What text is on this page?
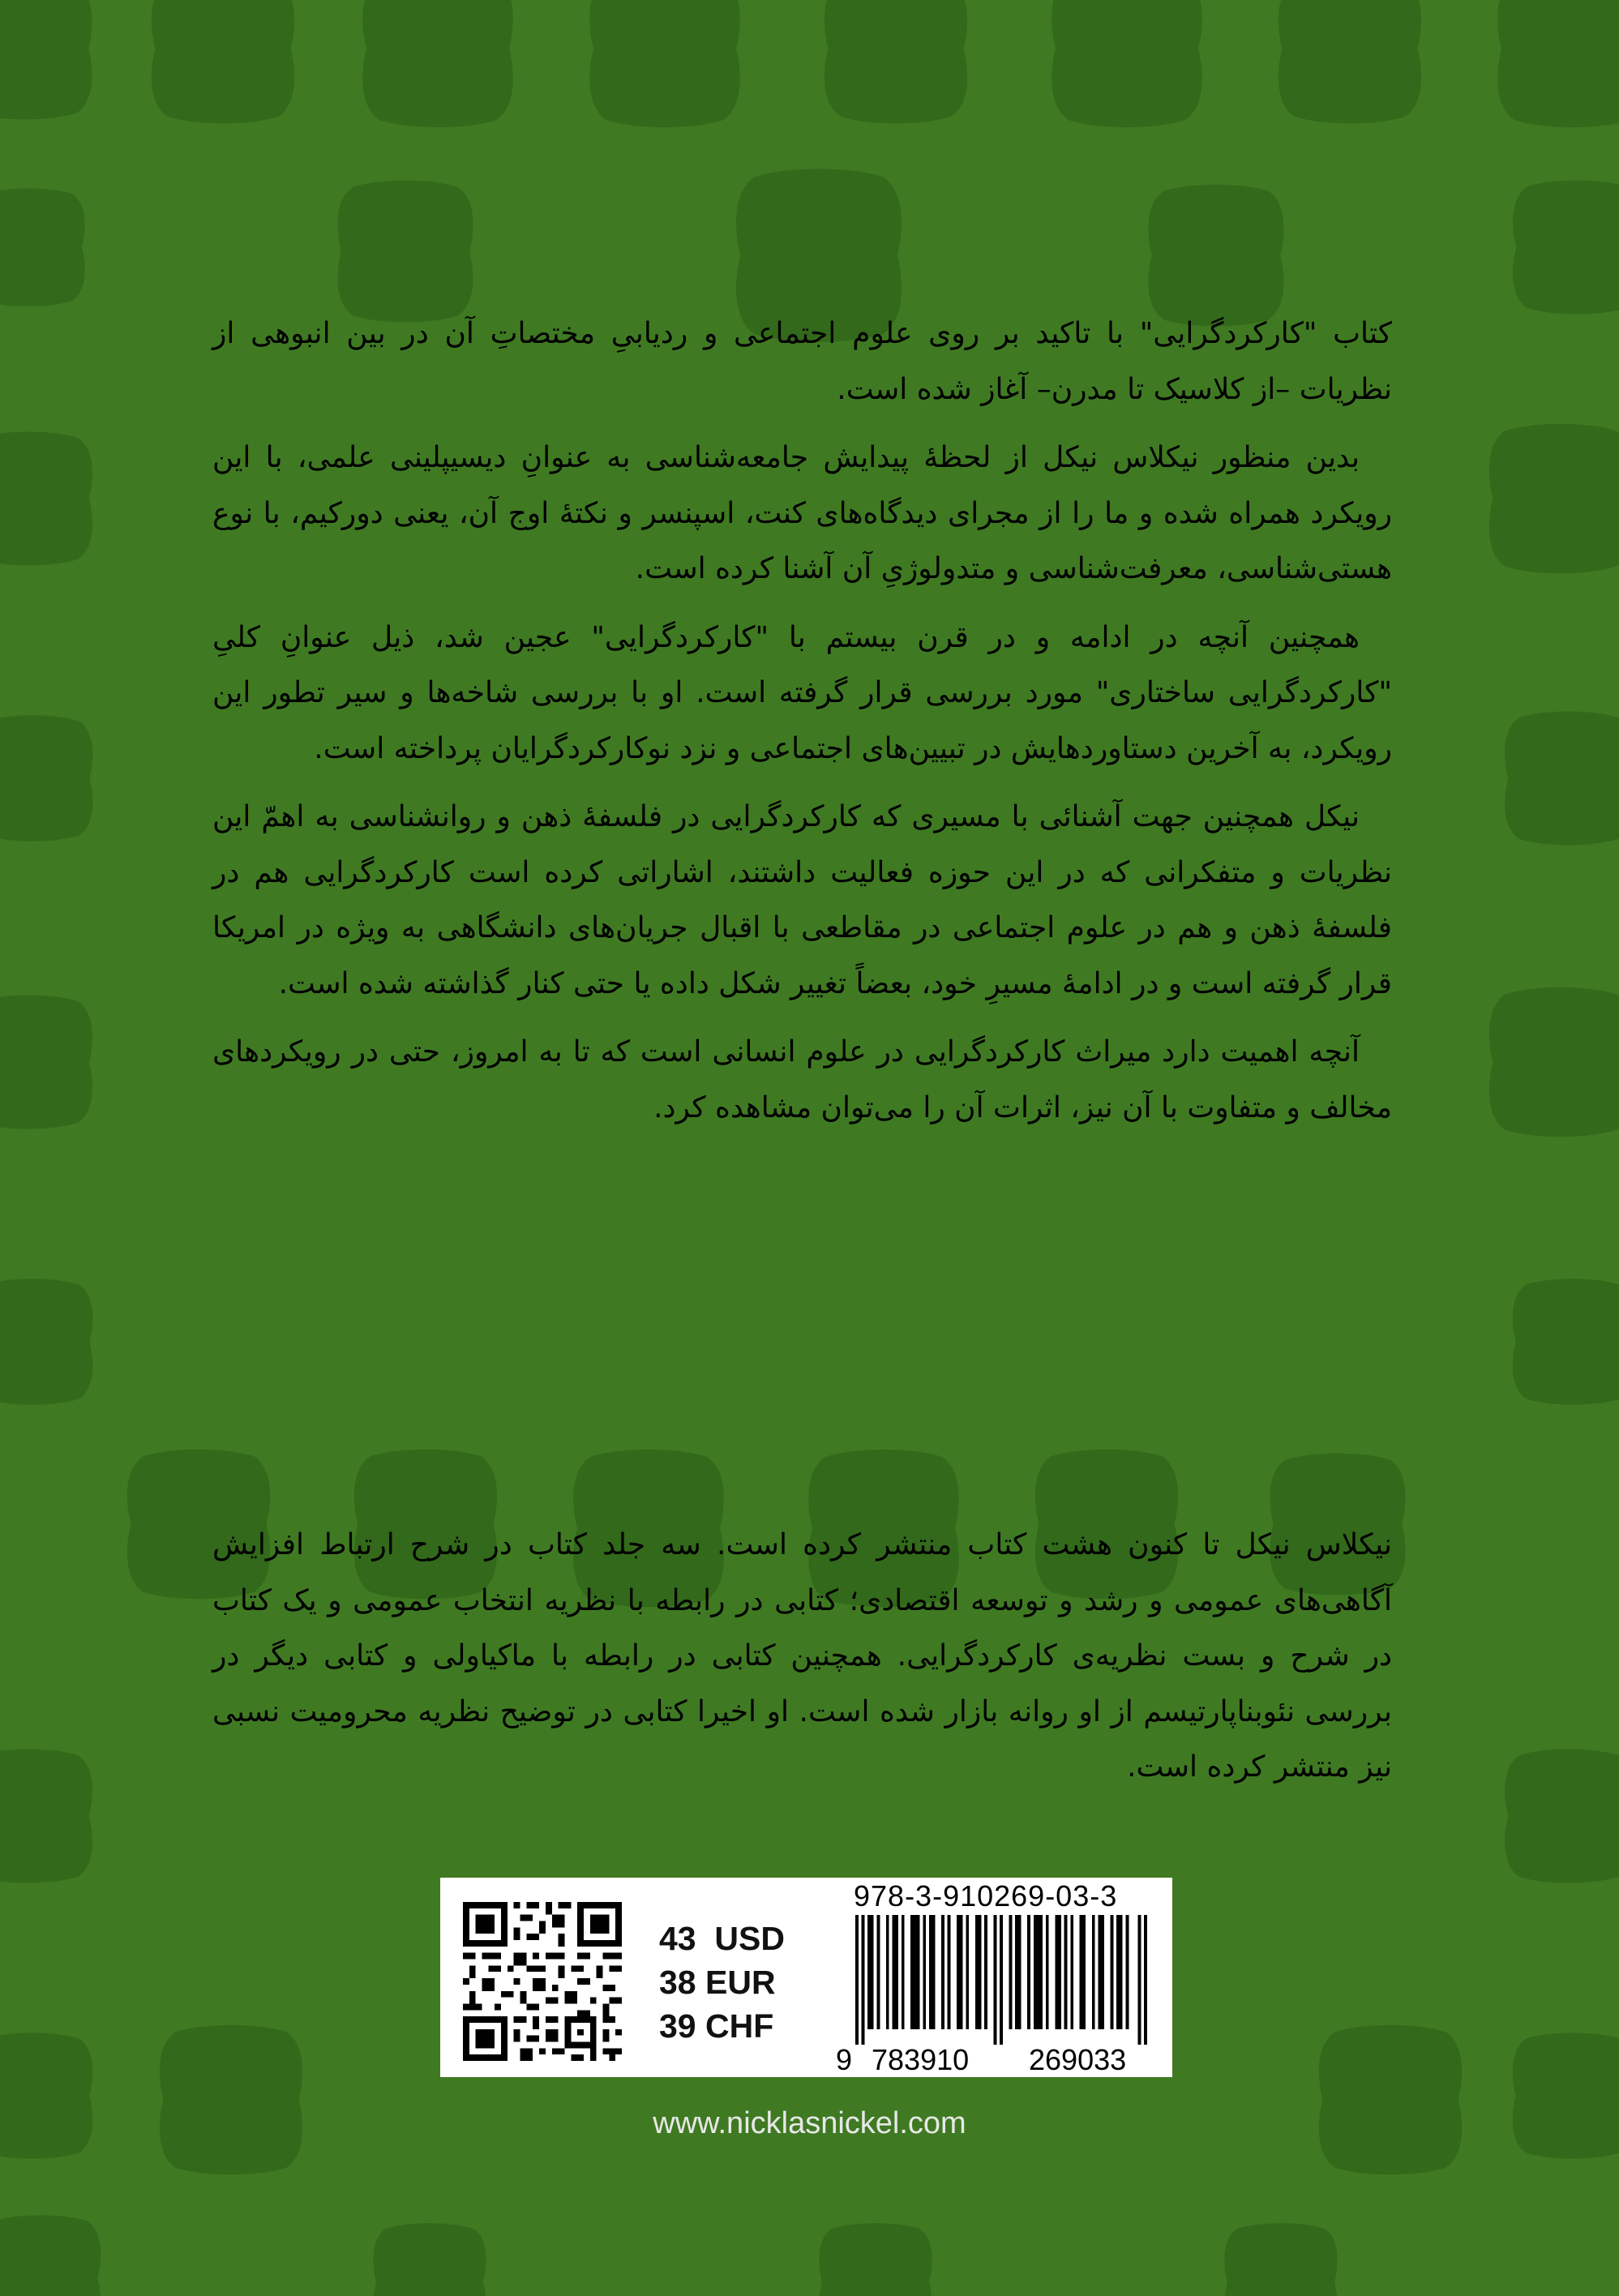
کتاب "کارکردگرایی" با تاکید بر روی علوم اجتماعی و ردیابیِ مختصاتِ آن در بین انبوهی از نظریات –از کلاسیک تا مدرن– آغاز شده است.

بدین منظور نیکلاس نیکل از لحظۀ پیدایش جامعه‌شناسی به عنوانِ دیسیپلینی علمی، با این رویکرد همراه شده و ما را از مجرای دیدگاه‌های کنت، اسپنسر و نکتۀ اوج آن، یعنی دورکیم، با نوع هستی‌شناسی، معرفت‌شناسی و متدولوژیِ آن آشنا کرده است.

همچنین آنچه در ادامه و در قرن بیستم با "کارکردگرایی" عجین شد، ذیل عنوانِ کلیِ "کارکردگرایی ساختاری" مورد بررسی قرار گرفته است. او با بررسی شاخه‌ها و سیر تطور این رویکرد، به آخرین دستاوردهایش در تبیین‌های اجتماعی و نزد نوکارکردگرایان پرداخته است.

نیکل همچنین جهت آشنائی با مسیری که کارکردگرایی در فلسفۀ ذهن و روانشناسی به اهمّ این نظریات و متفکرانی که در این حوزه فعالیت داشتند، اشاراتی کرده است کارکردگرایی هم در فلسفۀ ذهن و هم در علوم اجتماعی در مقاطعی با اقبال جریان‌های دانشگاهی به ویژه در امریکا قرار گرفته است و در ادامۀ مسیرِ خود، بعضاً تغییر شکل داده یا حتی کنار گذاشته شده است.

آنچه اهمیت دارد میراث کارکردگرایی در علوم انسانی است که تا به امروز، حتی در رویکردهای مخالف و متفاوت با آن نیز، اثرات آن را می‌توان مشاهده کرد.

نیکلاس نیکل تا کنون هشت کتاب منتشر کرده است. سه جلد کتاب در شرح ارتباط افزایش آگاهی‌های عمومی و رشد و توسعه اقتصادی؛ کتابی در رابطه با نظریه انتخاب عمومی و یک کتاب در شرح و بست نظریه‌ی کارکردگرایی. همچنین کتابی در رابطه با ماکیاولی و کتابی دیگر در بررسی نئوبناپارتیسم از او روانه بازار شده است. او اخیرا کتابی در توضیح نظریه محرومیت نسبی نیز منتشر کرده است.

43  USD
38 EUR
39 CHF
978-3-910269-03-3
9 783910 269033
www.nicklasnickel.com
